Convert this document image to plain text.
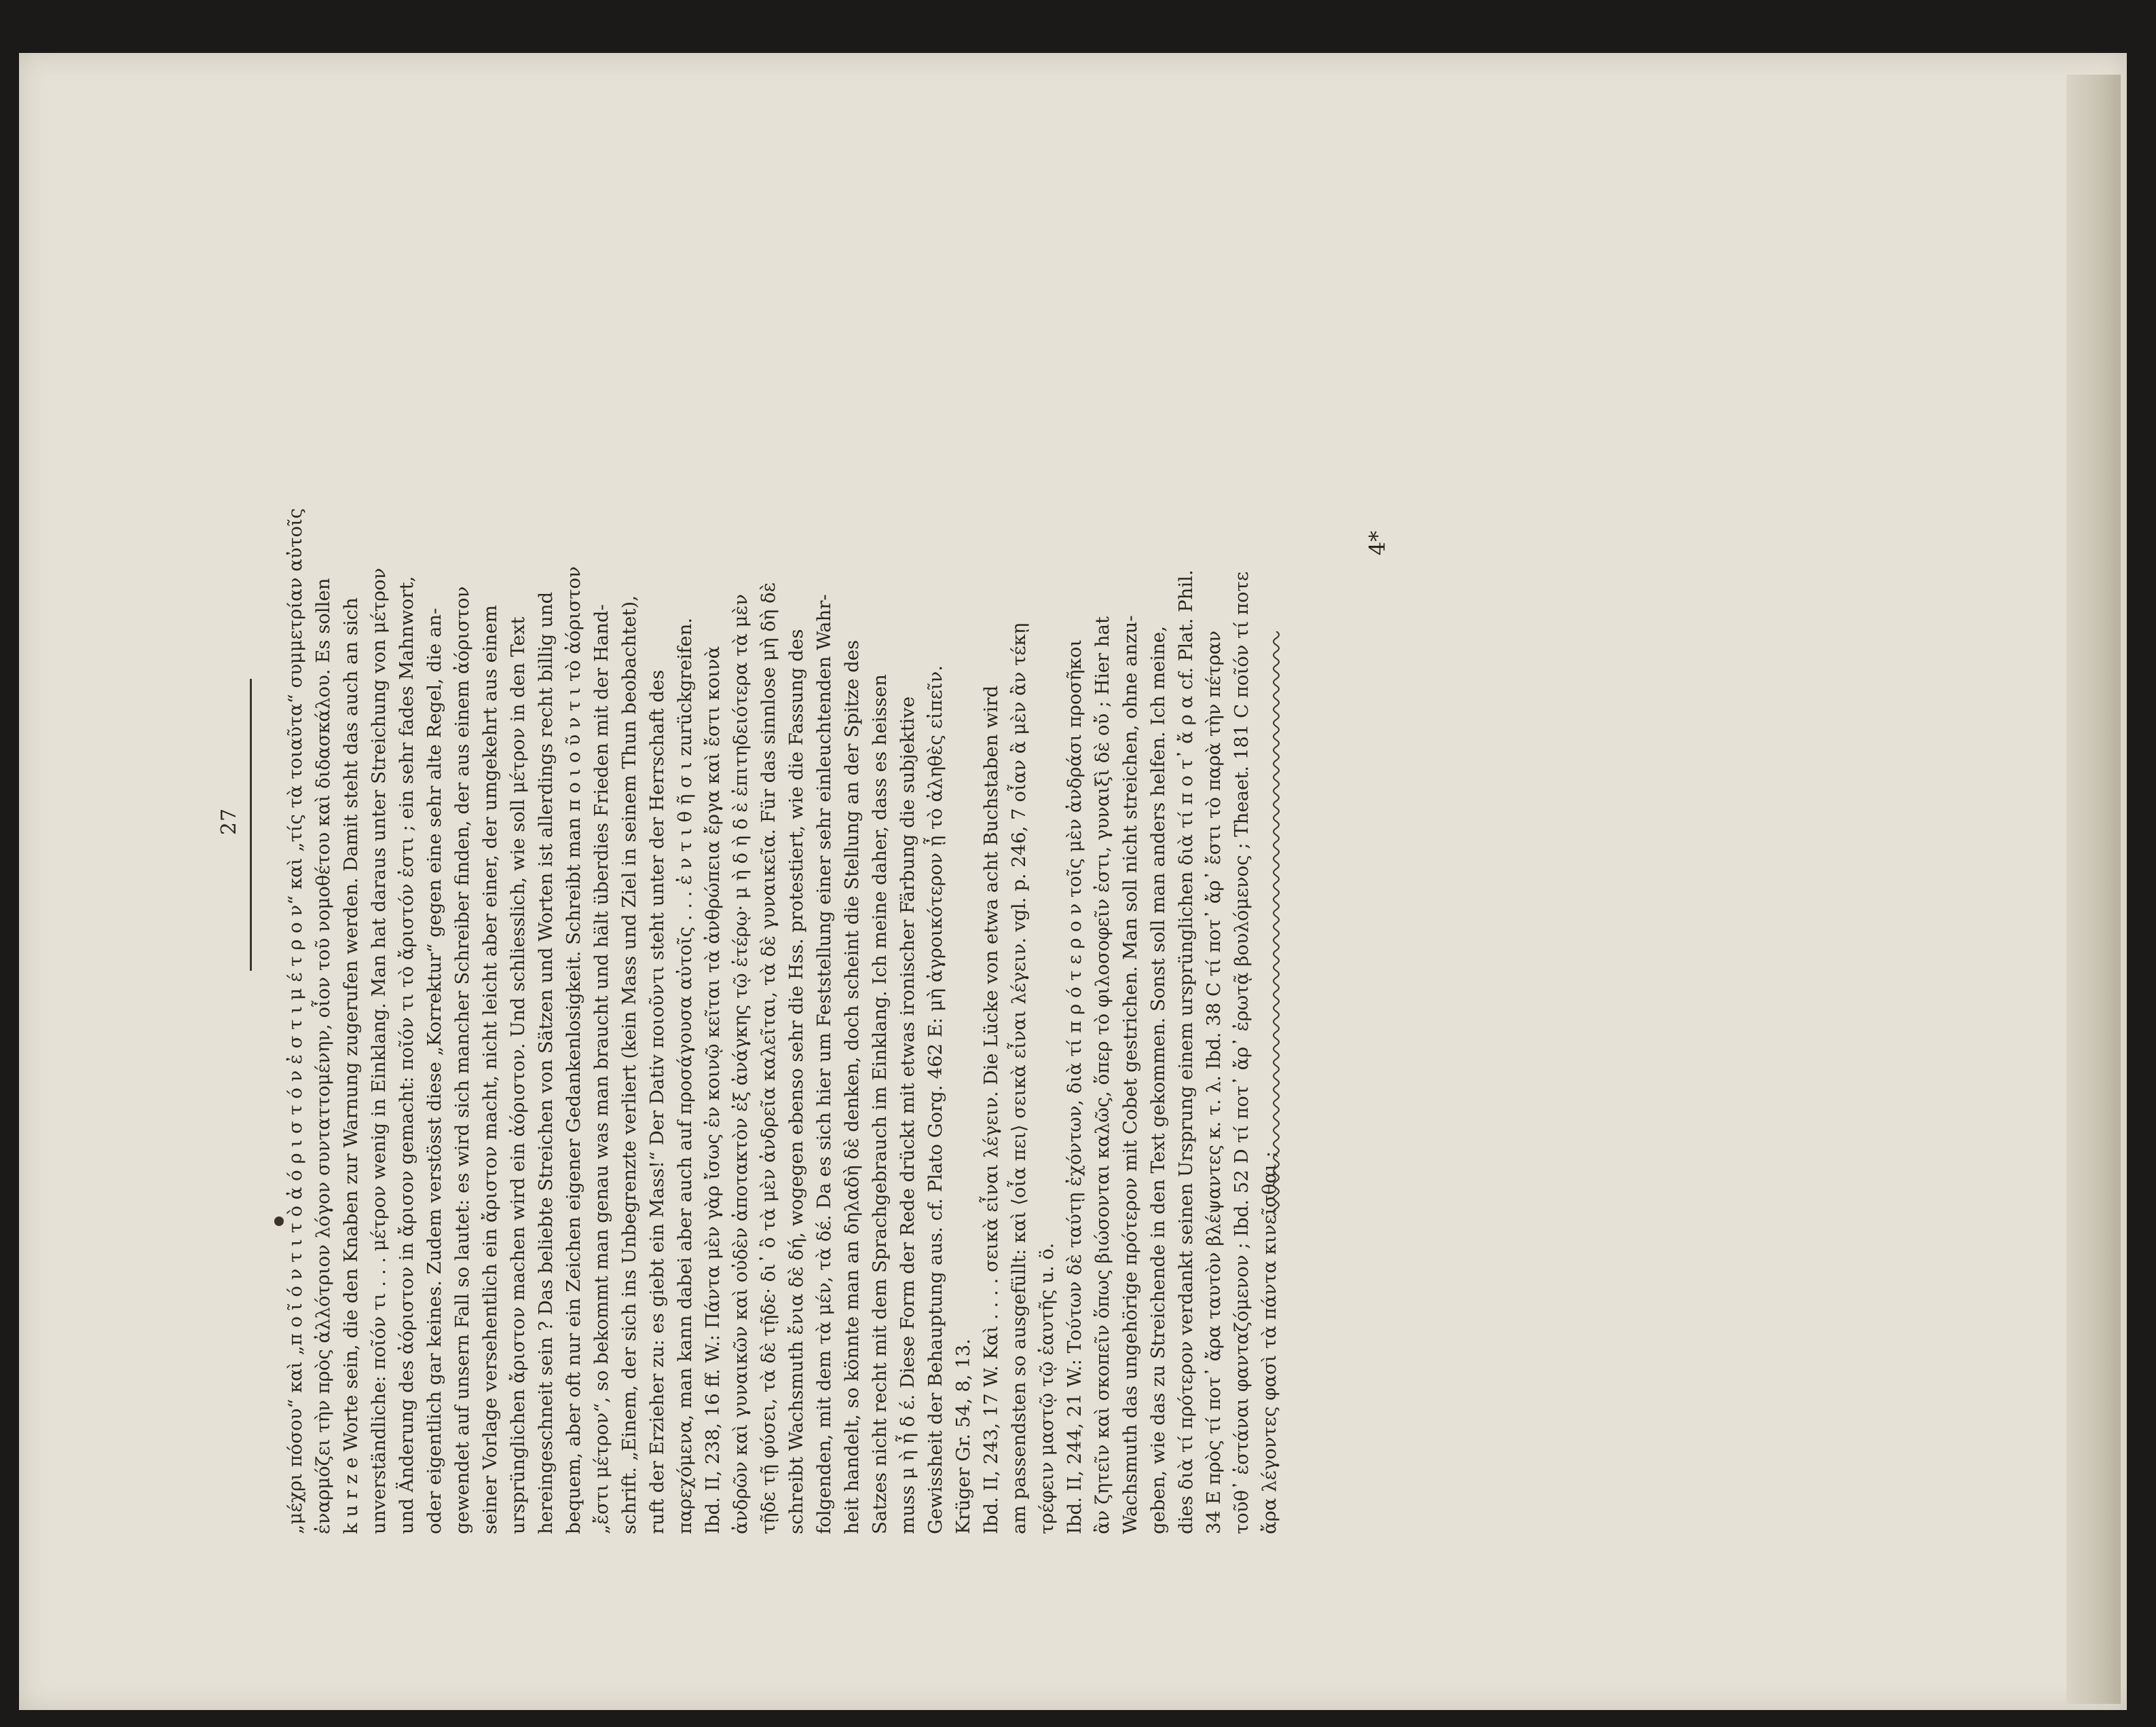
27 „μέχρι πόσου“ καὶ „π ο ῖ ό ν τ ι τ ὸ ἀ ό ρ ι σ τ ό ν ἐ σ τ ι μ έ τ ρ ο ν“ καὶ „τίς τὰ τοιαῦτα“ συμμετρίαν αὐτοῖς ἐναρμόζει τὴν πρὸς ἀλλότριον λόγον συνταττομένην, οἷον τοῦ νομοθέτου καὶ διδασκάλου. Es sollen k u r z e Worte sein, die den Knaben zur Warnung zugerufen werden. Damit steht das auch an sich unverständliche: ποῖόν τι . . . μέτρον wenig in Einklang. Man hat daraus unter Streichung von μέτρον und Änderung des ἀόριστον in ἄρισον gemacht: ποῖόν τι τὸ ἄριστόν ἐστι ; ein sehr fades Mahnwort, oder eigentlich gar keines. Zudem verstösst diese „Korrektur“ gegen eine sehr alte Regel, die an- gewendet auf unsern Fall so lautet: es wird sich mancher Schreiber finden, der aus einem ἀόριστον seiner Vorlage versehentlich ein ἄριστον macht, nicht leicht aber einer, der umgekehrt aus einem ursprünglichen ἄριστον machen wird ein ἀόριστον. Und schliesslich, wie soll μέτρον in den Text hereingeschneit sein ? Das beliebte Streichen von Sätzen und Worten ist allerdings recht billig und bequem, aber oft nur ein Zeichen eigener Gedankenlosigkeit. Schreibt man π ο ι ο ῦ ν τ ι τὸ ἀόριστον „ἔστι μέτρον“, so bekommt man genau was man braucht und hält überdies Frieden mit der Hand- schrift. „Einem, der sich ins Unbegrenzte verliert (kein Mass und Ziel in seinem Thun beobachtet), ruft der Erzieher zu: es giebt ein Mass!“ Der Dativ ποιοῦντι steht unter der Herrschaft des παρεχόμενα, man kann dabei aber auch auf προσάγουσα αὐτοῖς . . . ἐ ν τ ι θ ῆ σ ι zurückgreifen. Ibd. II, 238, 16 ff. W.: Πάντα μὲν γὰρ ἴσως ἐν κοινῷ κεῖται τὰ ἀνθρώπεια ἔργα καὶ ἔστι κοινὰ ἀνδρῶν καὶ γυναικῶν καὶ οὐδὲν ἀποτακτὸν ἐξ ἀνάγκης τῷ ἑτέρῳ· μ ὴ δ ὴ δ ὲ ἐπιτηδειότερα τὰ μὲν τῇδε τῇ φύσει, τὰ δὲ τῇδε· δι᾿ ὃ τὰ μὲν ἀνδρεῖα καλεῖται, τὰ δὲ γυναικεῖα. Für das sinnlose μὴ δὴ δὲ schreibt Wachsmuth ἔνια δὲ δή, wogegen ebenso sehr die Hss. protestiert, wie die Fassung des folgenden, mit dem τὰ μέν, τὰ δέ. Da es sich hier um Feststellung einer sehr einleuchtenden Wahr- heit handelt, so könnte man an δηλαδὴ δὲ denken, doch scheint die Stellung an der Spitze des Satzes nicht recht mit dem Sprachgebrauch im Einklang. Ich meine daher, dass es heissen muss μ ὴ ἦ δ έ. Diese Form der Rede drückt mit etwas ironischer Färbung die subjektive Gewissheit der Behauptung aus. cf. Plato Gorg. 462 E: μὴ ἀγροικότερον ᾖ τὸ ἀληθὲς εἰπεῖν. Krüger Gr. 54, 8, 13. Ibd. II, 243, 17 W. Καὶ . . . . σεικὰ εἶναι λέγειν. Die Lücke von etwa acht Buchstaben wird am passendsten so ausgefüllt: καὶ ⟨οἷα πει⟩ σεικὰ εἶναι λέγειν. vgl. p. 246, 7 οἷαν ἃ μὲν ἂν τέκῃ τρέφειν μαστῷ τῷ ἑαυτῆς u. ö. Ibd. II, 244, 21 W.: Τούτων δὲ ταύτῃ ἐχόντων, διὰ τί π ρ ό τ ε ρ ο ν τοῖς μὲν ἀνδράσι προσῆκοι ἂν ζητεῖν καὶ σκοπεῖν ὅπως βιώσονται καλῶς, ὅπερ τὸ φιλοσοφεῖν ἐστι, γυναιξὶ δὲ οὔ ; Hier hat Wachsmuth das ungehörige πρότερον mit Cobet gestrichen. Man soll nicht streichen, ohne anzu- geben, wie das zu Streichende in den Text gekommen. Sonst soll man anders helfen. Ich meine, dies διὰ τί πρότερον verdankt seinen Ursprung einem ursprünglichen διὰ τί π ο τ᾿ ἄ ρ α cf. Plat. Phil. 34 E πρὸς τί ποτ᾿ ἄρα ταυτὸν βλέψαντες κ. τ. λ. Ibd. 38 C τί ποτ᾿ ἄρ᾿ ἔστι τὸ παρὰ τὴν πέτραν τοῦθ᾿ ἑστάναι φανταζόμενον ; Ibd. 52 D τί ποτ᾿ ἄρ᾿ ἐρωτᾷ βουλόμενος ; Theaet. 181 C ποῖόν τί ποτε ἄρα λέγοντες φασὶ τὰ πάντα κινεῖσθαι ;
4*
